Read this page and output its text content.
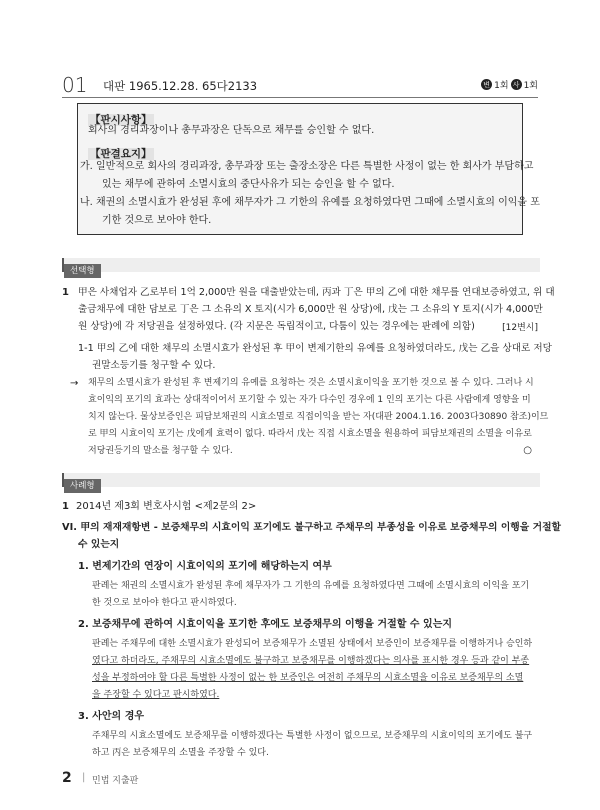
01 대판 1965.12.28. 65다2133	변 1회 사 1회
【판시사항】
회사의 경리과장이나 총무과장은 단독으로 채무를 승인할 수 없다.
【판결요지】
가. 일반적으로 회사의 경리과장, 총무과장 또는 출장소장은 다른 특별한 사정이 없는 한 회사가 부담하고
있는 채무에 관하여 소멸시효의 중단사유가 되는 승인을 할 수 없다.
나. 채권의 소멸시효가 완성된 후에 채무자가 그 기한의 유예를 요청하였다면 그때에 소멸시효의 이익을 포
기한 것으로 보아야 한다.
선택형
1 甲은 사채업자 乙로부터 1억 2,000만 원을 대출받았는데, 丙과 丁은 甲의 乙에 대한 채무를 연대보증하였고, 위 대
출금채무에 대한 담보로 丁은 그 소유의 X 토지(시가 6,000만 원 상당)에, 戊는 그 소유의 Y 토지(시가 4,000만
원 상당)에 각 저당권을 설정하였다. (각 지문은 독립적이고, 다툼이 있는 경우에는 판례에 의함)	[12변시]
1-1 甲의 乙에 대한 채무의 소멸시효가 완성된 후 甲이 변제기한의 유예를 요청하였더라도, 戊는 乙을 상대로 저당
권말소등기를 청구할 수 있다.
→ 채무의 소멸시효가 완성된 후 변제기의 유예를 요청하는 것은 소멸시효이익을 포기한 것으로 볼 수 있다. 그러나 시
효이익의 포기의 효과는 상대적이어서 포기할 수 있는 자가 다수인 경우에 1 인의 포기는 다른 사람에게 영향을 미
치지 않는다. 물상보증인은 피담보채권의 시효소멸로 직접이익을 받는 자(대판 2004.1.16. 2003다30890 참조)이므
로 甲의 시효이익 포기는 戊에게 효력이 없다. 따라서 戊는 직접 시효소멸을 원용하여 피담보채권의 소멸을 이유로
저당권등기의 말소를 청구할 수 있다.	○
사례형
1 2014년 제3회 변호사시험 <제2문의 2>
VI. 甲의 재재재항변 - 보증채무의 시효이익 포기에도 불구하고 주채무의 부종성을 이유로 보증채무의 이행을 거절할
수 있는지
1. 변제기간의 연장이 시효이익의 포기에 해당하는지 여부
판례는 채권의 소멸시효가 완성된 후에 채무자가 그 기한의 유예를 요청하였다면 그때에 소멸시효의 이익을 포기
한 것으로 보아야 한다고 판시하였다.
2. 보증채무에 관하여 시효이익을 포기한 후에도 보증채무의 이행을 거절할 수 있는지
판례는 주채무에 대한 소멸시효가 완성되어 보증채무가 소멸된 상태에서 보증인이 보증채무를 이행하거나 승인하
였다고 하더라도, 주채무의 시효소멸에도 불구하고 보증채무를 이행하겠다는 의사를 표시한 경우 등과 같이 부종
성을 부정하여야 할 다른 특별한 사정이 없는 한 보증인은 여전히 주채무의 시효소멸을 이유로 보증채무의 소멸
을 주장할 수 있다고 판시하였다.
3. 사안의 경우
주채무의 시효소멸에도 보증채무를 이행하겠다는 특별한 사정이 없으므로, 보증채무의 시효이익의 포기에도 불구
하고 丙은 보증채무의 소멸을 주장할 수 있다.
2 | 민법 지출판
